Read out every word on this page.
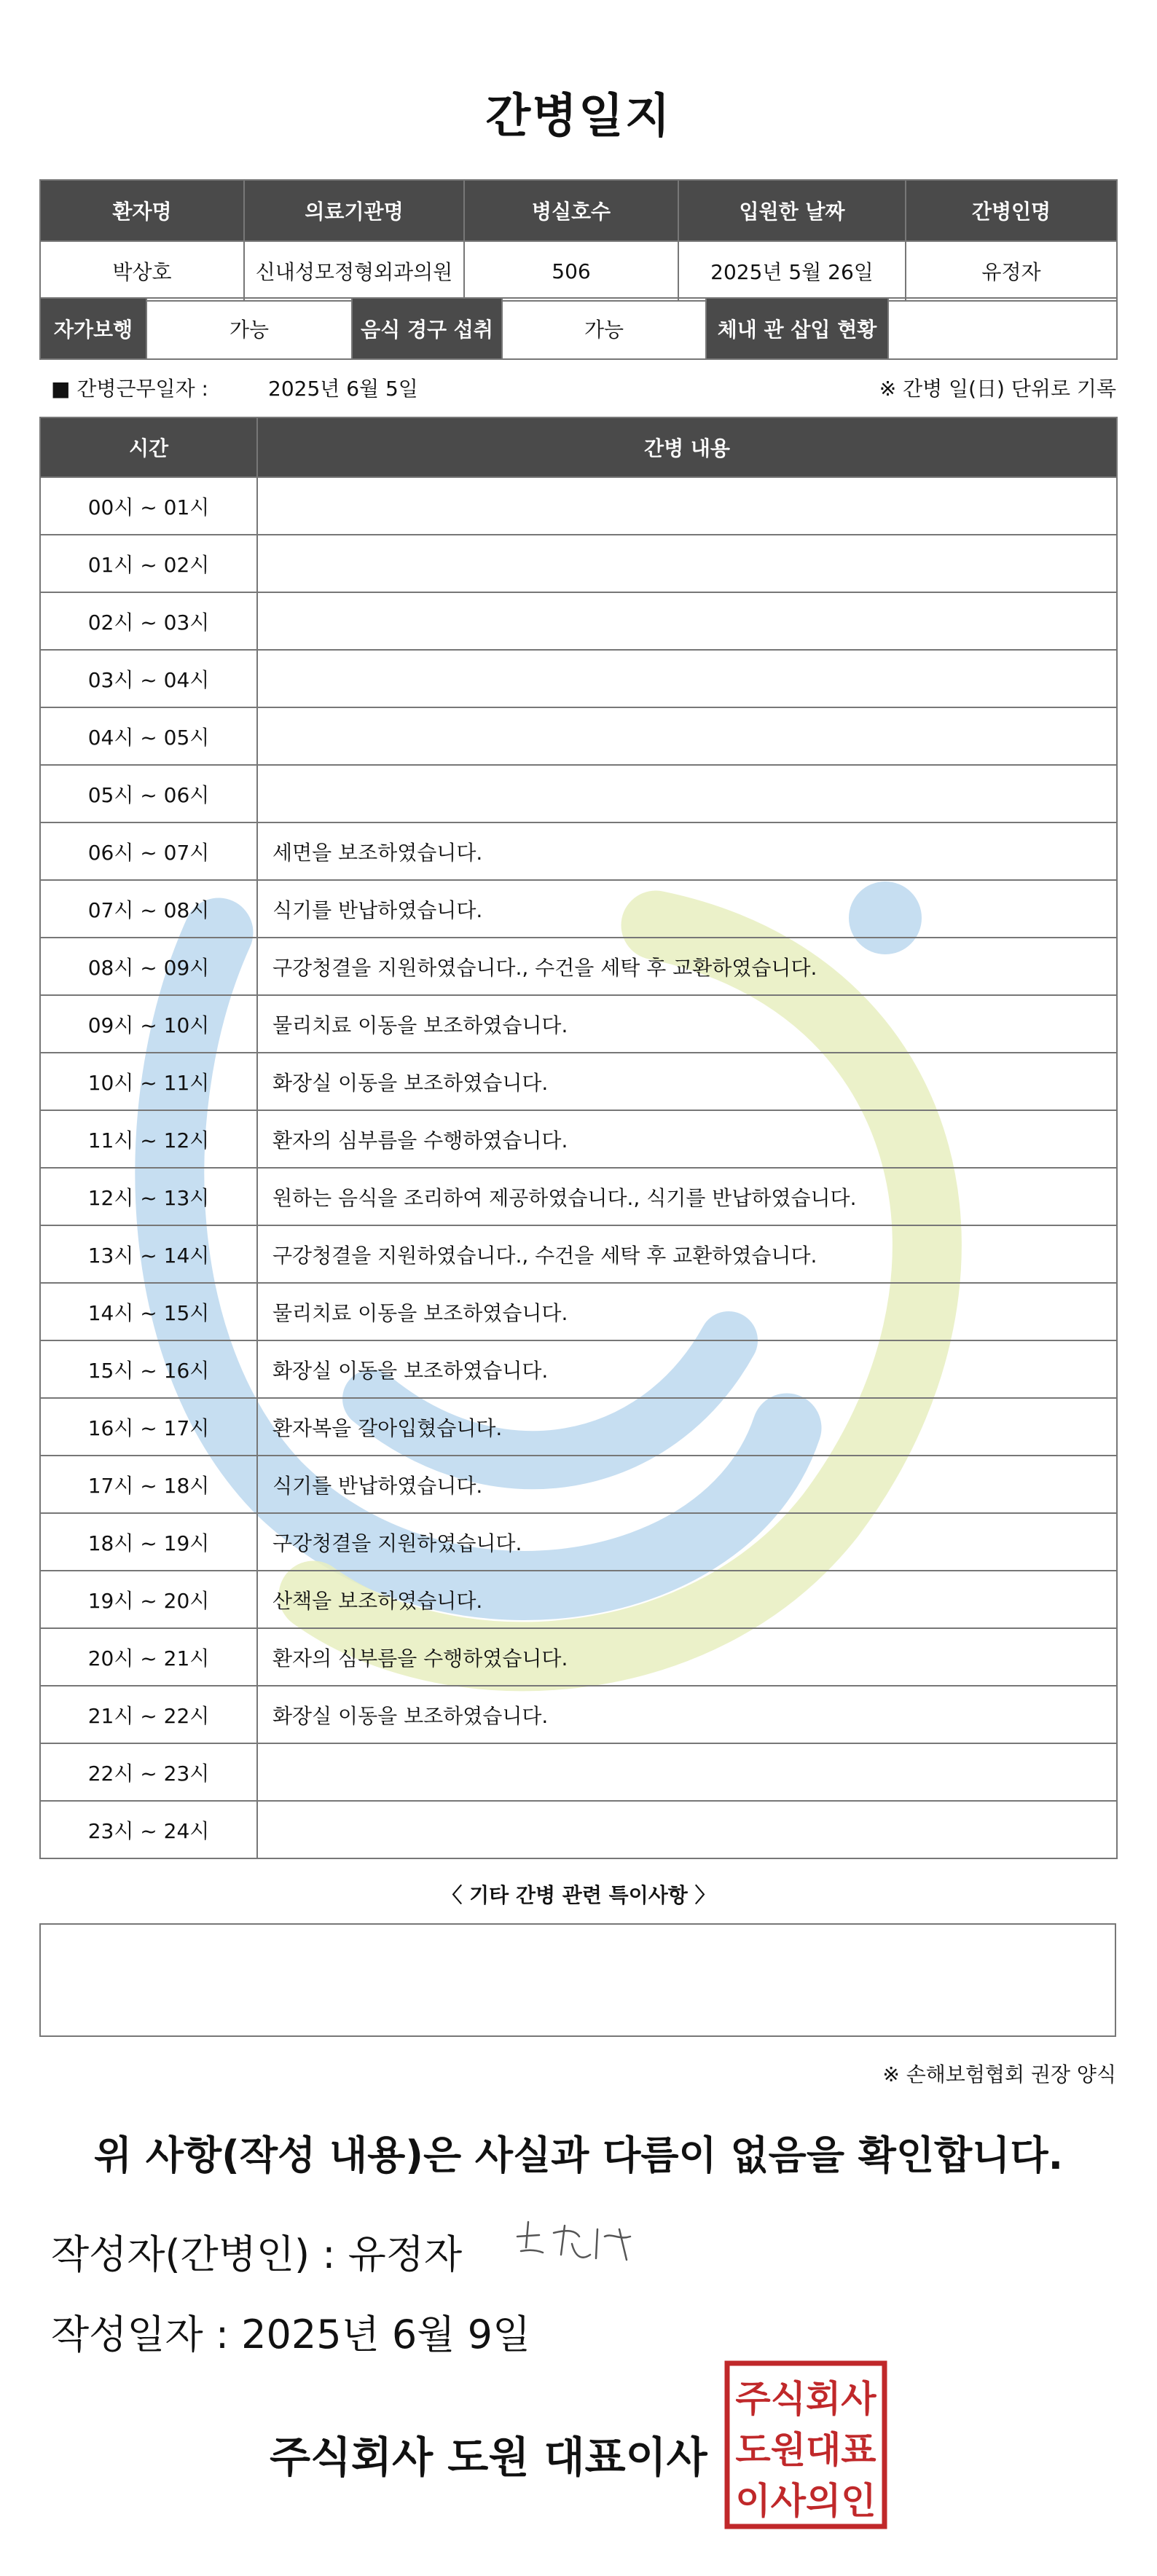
간병일지
환자명	의료기관명	병실호수	입원한 날짜	간병인명
박상호	신내성모정형외과의원	506	2025년 5월 26일	유정자
자가보행	가능	음식 경구 섭취	가능	체내 관 삽입 현황	
■ 간병근무일자 :	2025년 6월 5일	※ 간병 일(日) 단위로 기록
시간	간병 내용
00시 ~ 01시	
01시 ~ 02시	
02시 ~ 03시	
03시 ~ 04시	
04시 ~ 05시	
05시 ~ 06시	
06시 ~ 07시	세면을 보조하였습니다.
07시 ~ 08시	식기를 반납하였습니다.
08시 ~ 09시	구강청결을 지원하였습니다., 수건을 세탁 후 교환하였습니다.
09시 ~ 10시	물리치료 이동을 보조하였습니다.
10시 ~ 11시	화장실 이동을 보조하였습니다.
11시 ~ 12시	환자의 심부름을 수행하였습니다.
12시 ~ 13시	원하는 음식을 조리하여 제공하였습니다., 식기를 반납하였습니다.
13시 ~ 14시	구강청결을 지원하였습니다., 수건을 세탁 후 교환하였습니다.
14시 ~ 15시	물리치료 이동을 보조하였습니다.
15시 ~ 16시	화장실 이동을 보조하였습니다.
16시 ~ 17시	환자복을 갈아입혔습니다.
17시 ~ 18시	식기를 반납하였습니다.
18시 ~ 19시	구강청결을 지원하였습니다.
19시 ~ 20시	산책을 보조하였습니다.
20시 ~ 21시	환자의 심부름을 수행하였습니다.
21시 ~ 22시	화장실 이동을 보조하였습니다.
22시 ~ 23시	
23시 ~ 24시	
〈 기타 간병 관련 특이사항 〉
※ 손해보험협회 권장 양식
위 사항(작성 내용)은 사실과 다름이 없음을 확인합니다.
작성자(간병인) : 유정자
작성일자 : 2025년 6월 9일
주식회사 도원 대표이사
주식회사
도원대표
이사의인
